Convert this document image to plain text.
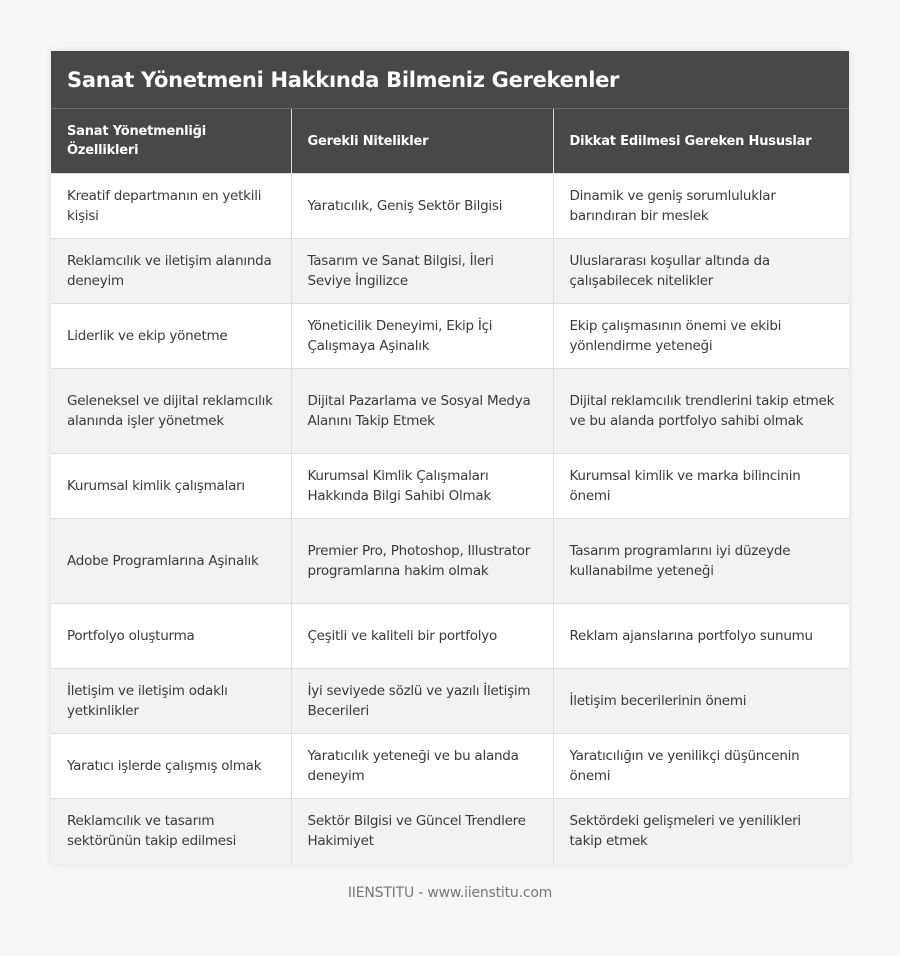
Sanat Yönetmeni Hakkında Bilmeniz Gerekenler
Sanat Yönetmenliği Özellikleri	Gerekli Nitelikler	Dikkat Edilmesi Gereken Hususlar
Kreatif departmanın en yetkili kişisi	Yaratıcılık, Geniş Sektör Bilgisi	Dinamik ve geniş sorumluluklar barındıran bir meslek
Reklamcılık ve iletişim alanında deneyim	Tasarım ve Sanat Bilgisi, İleri Seviye İngilizce	Uluslararası koşullar altında da çalışabilecek nitelikler
Liderlik ve ekip yönetme	Yöneticilik Deneyimi, Ekip İçi Çalışmaya Aşinalık	Ekip çalışmasının önemi ve ekibi yönlendirme yeteneği
Geleneksel ve dijital reklamcılık alanında işler yönetmek	Dijital Pazarlama ve Sosyal Medya Alanını Takip Etmek	Dijital reklamcılık trendlerini takip etmek ve bu alanda portfolyo sahibi olmak
Kurumsal kimlik çalışmaları	Kurumsal Kimlik Çalışmaları Hakkında Bilgi Sahibi Olmak	Kurumsal kimlik ve marka bilincinin önemi
Adobe Programlarına Aşinalık	Premier Pro, Photoshop, Illustrator programlarına hakim olmak	Tasarım programlarını iyi düzeyde kullanabilme yeteneği
Portfolyo oluşturma	Çeşitli ve kaliteli bir portfolyo	Reklam ajanslarına portfolyo sunumu
İletişim ve iletişim odaklı yetkinlikler	İyi seviyede sözlü ve yazılı İletişim Becerileri	İletişim becerilerinin önemi
Yaratıcı işlerde çalışmış olmak	Yaratıcılık yeteneği ve bu alanda deneyim	Yaratıcılığın ve yenilikçi düşüncenin önemi
Reklamcılık ve tasarım sektörünün takip edilmesi	Sektör Bilgisi ve Güncel Trendlere Hakimiyet	Sektördeki gelişmeleri ve yenilikleri takip etmek
IIENSTITU - www.iienstitu.com
